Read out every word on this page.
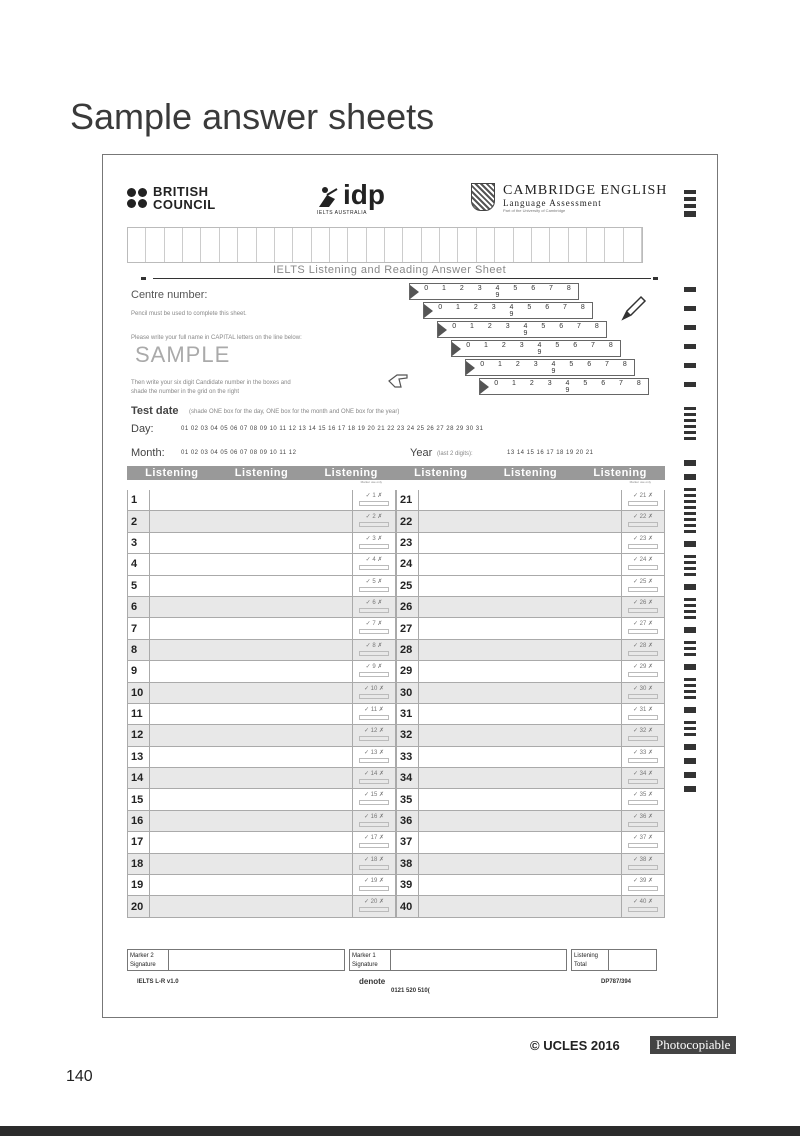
Sample answer sheets
BRITISH
COUNCIL	idp
IELTS AUSTRALIA
CAMBRIDGE ENGLISH
Language Assessment
Part of the University of Cambridge
IELTS Listening and Reading Answer Sheet
Centre number:
Pencil must be used to complete this sheet.
Please write your full name in CAPITAL letters on the line below:
SAMPLE
Then write your six digit Candidate number in the boxes and
shade the number in the grid on the right
0 1 2 3 4 5 6 7 8 9
0 1 2 3 4 5 6 7 8 9
0 1 2 3 4 5 6 7 8 9
0 1 2 3 4 5 6 7 8 9
0 1 2 3 4 5 6 7 8 9
0 1 2 3 4 5 6 7 8 9
Test date (shade ONE box for the day, ONE box for the month and ONE box for the year)
Day:	01 02 03 04 05 06 07 08 09 10 11 12 13 14 15 16 17 18 19 20 21 22 23 24 25 26 27 28 29 30 31
Month:	01 02 03 04 05 06 07 08 09 10 11 12	Year (last 2 digits):	13 14 15 16 17 18 19 20 21
Listening	Listening	Listening	Listening	Listening	Listening
Marker use only
1	✓ 1 ✗
2	✓ 2 ✗
3	✓ 3 ✗
4	✓ 4 ✗
5	✓ 5 ✗
6	✓ 6 ✗
7	✓ 7 ✗
8	✓ 8 ✗
9	✓ 9 ✗
10	✓ 10 ✗
11	✓ 11 ✗
12	✓ 12 ✗
13	✓ 13 ✗
14	✓ 14 ✗
15	✓ 15 ✗
16	✓ 16 ✗
17	✓ 17 ✗
18	✓ 18 ✗
19	✓ 19 ✗
20	✓ 20 ✗
Marker use only
21	✓ 21 ✗
22	✓ 22 ✗
23	✓ 23 ✗
24	✓ 24 ✗
25	✓ 25 ✗
26	✓ 26 ✗
27	✓ 27 ✗
28	✓ 28 ✗
29	✓ 29 ✗
30	✓ 30 ✗
31	✓ 31 ✗
32	✓ 32 ✗
33	✓ 33 ✗
34	✓ 34 ✗
35	✓ 35 ✗
36	✓ 36 ✗
37	✓ 37 ✗
38	✓ 38 ✗
39	✓ 39 ✗
40	✓ 40 ✗
Marker 2 Signature
Marker 1 Signature
Listening Total
IELTS L-R v1.0	denote
0121 520 510(
DP787/394
© UCLES 2016	Photocopiable
140
